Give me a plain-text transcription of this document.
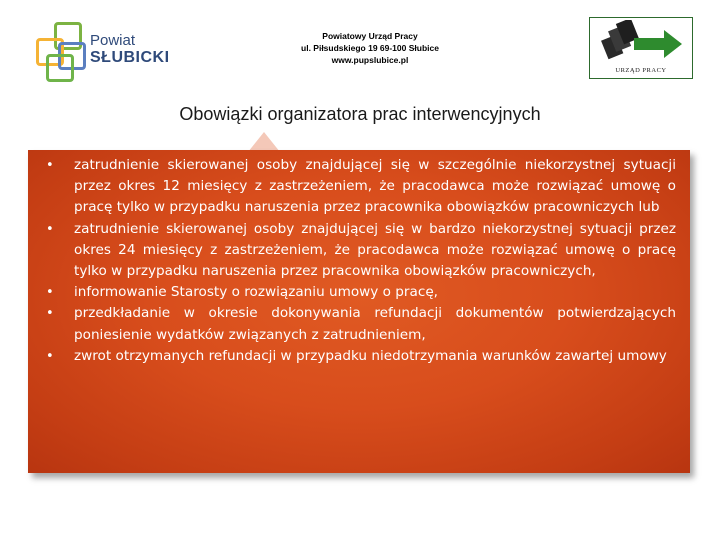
Powiat
SŁUBICKI
Powiatowy Urząd Pracy
ul. Piłsudskiego 19 69-100 Słubice
www.pupslubice.pl
URZĄD PRACY
Obowiązki organizatora prac interwencyjnych
• zatrudnienie skierowanej osoby znajdującej się w szczególnie niekorzystnej sytuacji przez okres 12 miesięcy z zastrzeżeniem, że pracodawca może rozwiązać umowę o pracę tylko w przypadku naruszenia przez pracownika obowiązków pracowniczych lub
• zatrudnienie skierowanej osoby znajdującej się w bardzo niekorzystnej sytuacji przez okres 24 miesięcy z zastrzeżeniem, że pracodawca może rozwiązać umowę o pracę tylko w przypadku naruszenia przez pracownika obowiązków pracowniczych,
• informowanie Starosty o rozwiązaniu umowy o pracę,
• przedkładanie w okresie dokonywania refundacji dokumentów potwierdzających poniesienie wydatków związanych z zatrudnieniem,
• zwrot otrzymanych refundacji w przypadku niedotrzymania warunków zawartej umowy
